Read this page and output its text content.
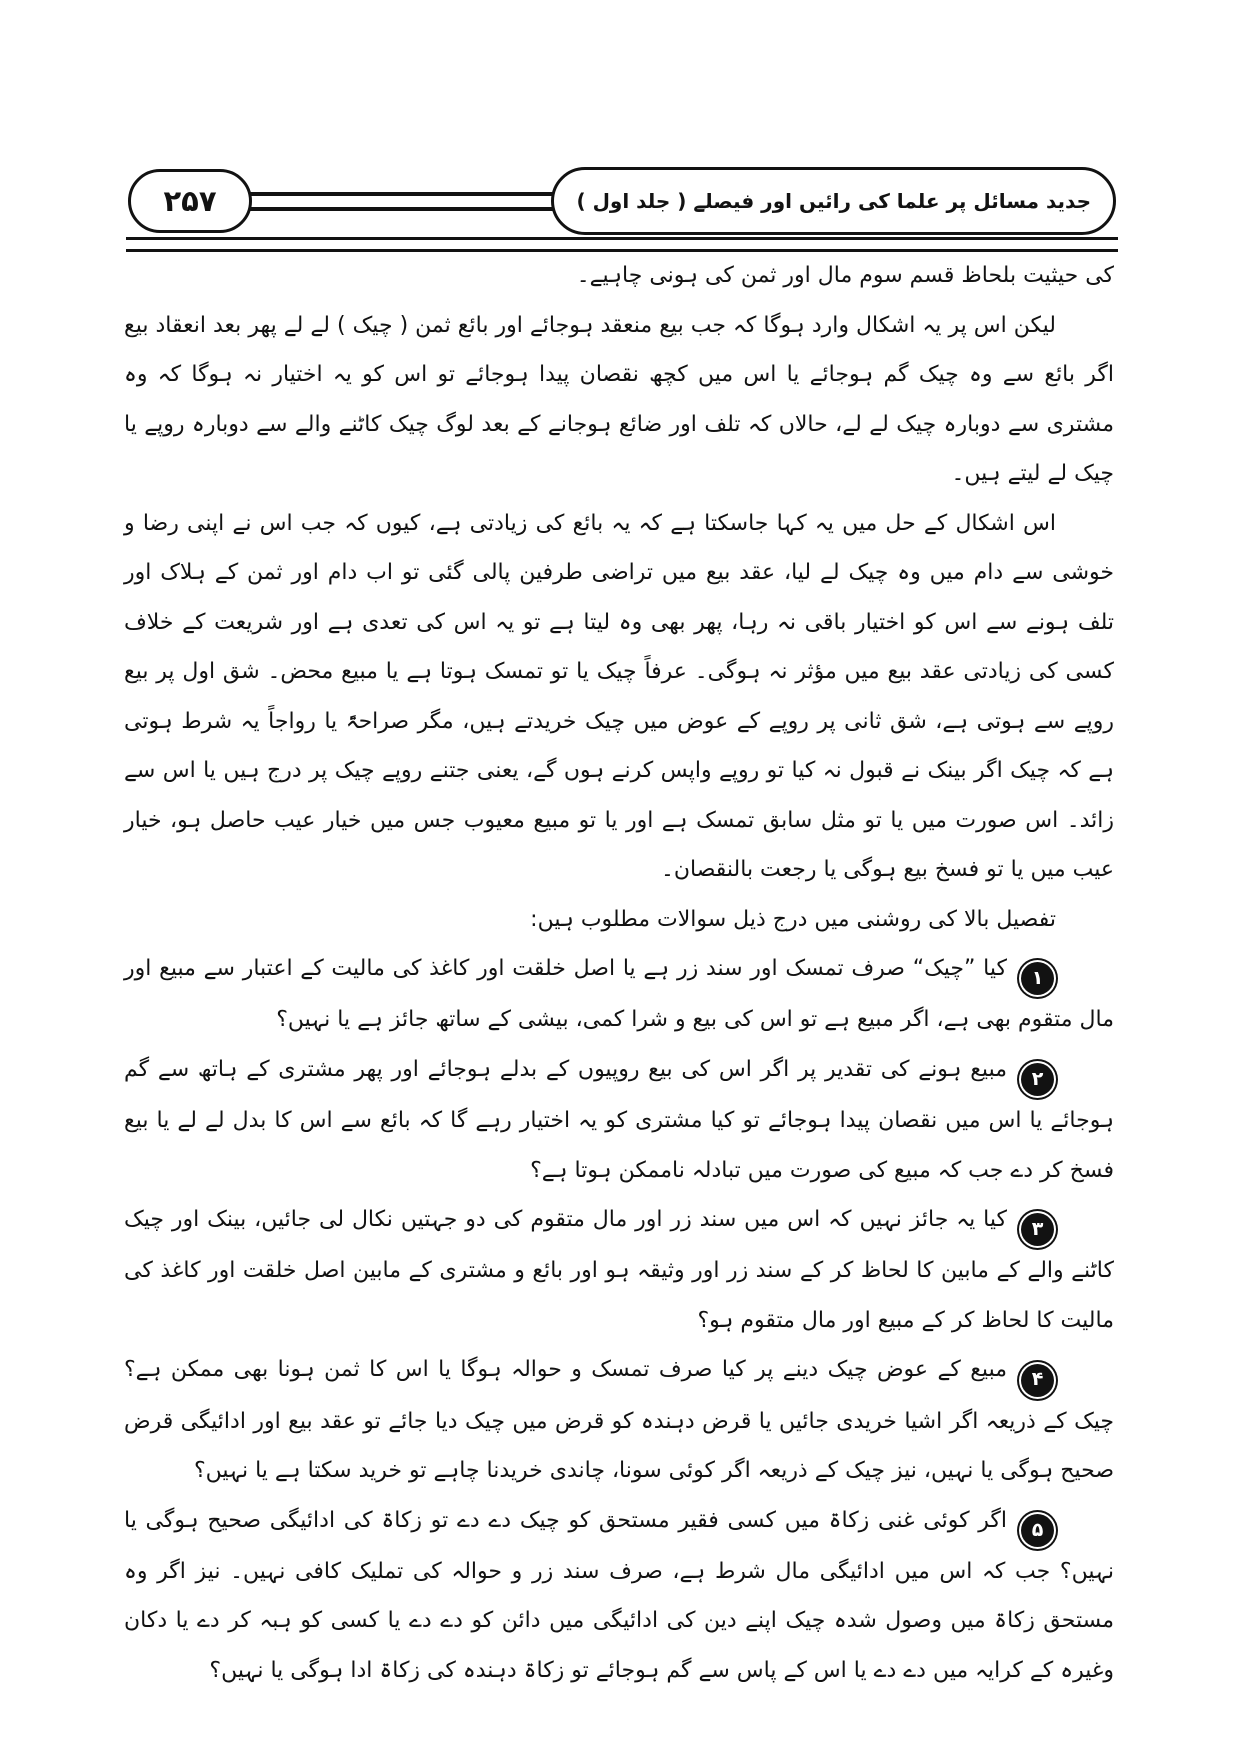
۲۵۷	جدید مسائل پر علما کی رائیں اور فیصلے ( جلد اول )

کی حیثیت بلحاظ قسم سوم مال اور ثمن کی ہونی چاہیے۔

لیکن اس پر یہ اشکال وارد ہوگا کہ جب بیع منعقد ہوجائے اور بائع ثمن ( چیک ) لے لے پھر بعد انعقاد بیع اگر بائع سے وہ چیک گم ہوجائے یا اس میں کچھ نقصان پیدا ہوجائے تو اس کو یہ اختیار نہ ہوگا کہ وہ مشتری سے دوبارہ چیک لے لے، حالاں کہ تلف اور ضائع ہوجانے کے بعد لوگ چیک کاٹنے والے سے دوبارہ روپے یا چیک لے لیتے ہیں۔

اس اشکال کے حل میں یہ کہا جاسکتا ہے کہ یہ بائع کی زیادتی ہے، کیوں کہ جب اس نے اپنی رضا و خوشی سے دام میں وہ چیک لے لیا، عقد بیع میں تراضی طرفین پالی گئی تو اب دام اور ثمن کے ہلاک اور تلف ہونے سے اس کو اختیار باقی نہ رہا، پھر بھی وہ لیتا ہے تو یہ اس کی تعدی ہے اور شریعت کے خلاف کسی کی زیادتی عقد بیع میں مؤثر نہ ہوگی۔ عرفاً چیک یا تو تمسک ہوتا ہے یا مبیع محض۔ شق اول پر بیع روپے سے ہوتی ہے، شق ثانی پر روپے کے عوض میں چیک خریدتے ہیں، مگر صراحۃً یا رواجاً یہ شرط ہوتی ہے کہ چیک اگر بینک نے قبول نہ کیا تو روپے واپس کرنے ہوں گے، یعنی جتنے روپے چیک پر درج ہیں یا اس سے زائد۔ اس صورت میں یا تو مثل سابق تمسک ہے اور یا تو مبیع معیوب جس میں خیار عیب حاصل ہو، خیار عیب میں یا تو فسخ بیع ہوگی یا رجعت بالنقصان۔

تفصیل بالا کی روشنی میں درج ذیل سوالات مطلوب ہیں:

۱کیا ”چیک“ صرف تمسک اور سند زر ہے یا اصل خلقت اور کاغذ کی مالیت کے اعتبار سے مبیع اور مال متقوم بھی ہے، اگر مبیع ہے تو اس کی بیع و شرا کمی، بیشی کے ساتھ جائز ہے یا نہیں؟

۲مبیع ہونے کی تقدیر پر اگر اس کی بیع روپیوں کے بدلے ہوجائے اور پھر مشتری کے ہاتھ سے گم ہوجائے یا اس میں نقصان پیدا ہوجائے تو کیا مشتری کو یہ اختیار رہے گا کہ بائع سے اس کا بدل لے لے یا بیع فسخ کر دے جب کہ مبیع کی صورت میں تبادلہ ناممکن ہوتا ہے؟

۳کیا یہ جائز نہیں کہ اس میں سند زر اور مال متقوم کی دو جہتیں نکال لی جائیں، بینک اور چیک کاٹنے والے کے مابین کا لحاظ کر کے سند زر اور وثیقہ ہو اور بائع و مشتری کے مابین اصل خلقت اور کاغذ کی مالیت کا لحاظ کر کے مبیع اور مال متقوم ہو؟

۴مبیع کے عوض چیک دینے پر کیا صرف تمسک و حوالہ ہوگا یا اس کا ثمن ہونا بھی ممکن ہے؟ چیک کے ذریعہ اگر اشیا خریدی جائیں یا قرض دہندہ کو قرض میں چیک دیا جائے تو عقد بیع اور ادائیگی قرض صحیح ہوگی یا نہیں، نیز چیک کے ذریعہ اگر کوئی سونا، چاندی خریدنا چاہے تو خرید سکتا ہے یا نہیں؟

۵اگر کوئی غنی زکاۃ میں کسی فقیر مستحق کو چیک دے دے تو زکاۃ کی ادائیگی صحیح ہوگی یا نہیں؟ جب کہ اس میں ادائیگی مال شرط ہے، صرف سند زر و حوالہ کی تملیک کافی نہیں۔ نیز اگر وہ مستحق زکاۃ میں وصول شدہ چیک اپنے دین کی ادائیگی میں دائن کو دے دے یا کسی کو ہبہ کر دے یا دکان وغیرہ کے کرایہ میں دے دے یا اس کے پاس سے گم ہوجائے تو زکاۃ دہندہ کی زکاۃ ادا ہوگی یا نہیں؟
